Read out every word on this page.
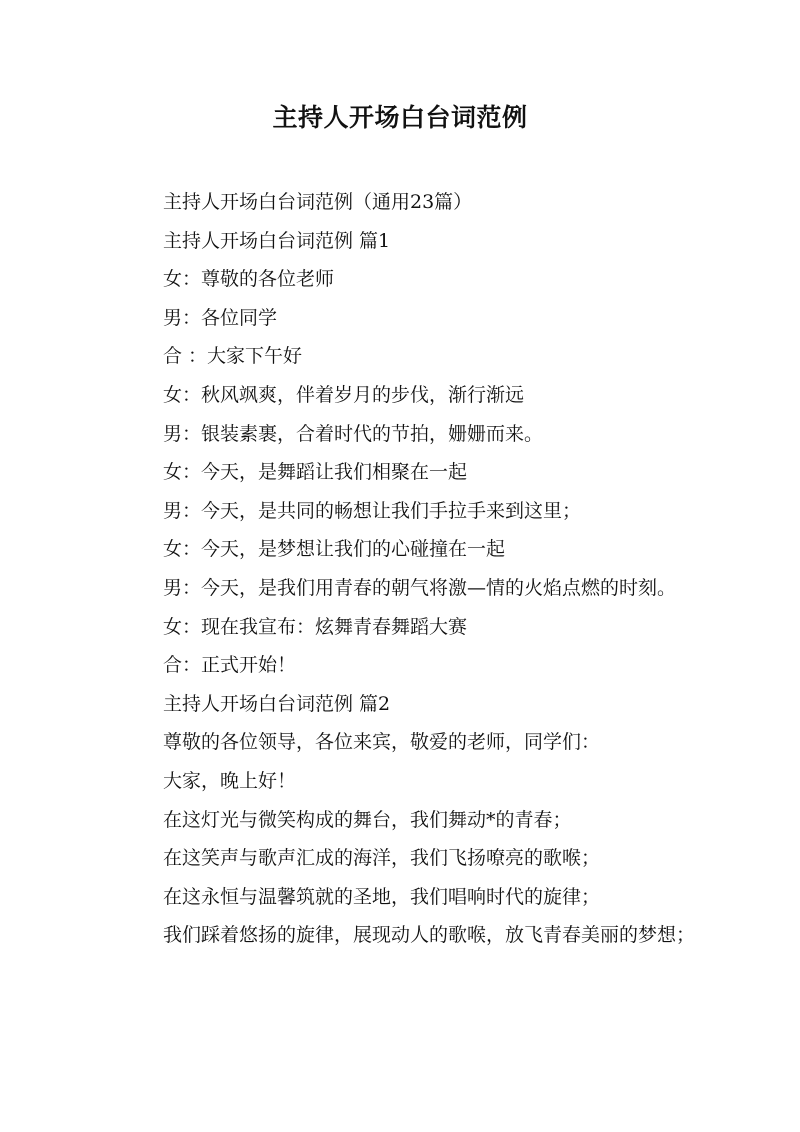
主持人开场白台词范例

主持人开场白台词范例（通用23篇）

主持人开场白台词范例 篇1

女：尊敬的各位老师

男：各位同学

合 ：大家下午好

女：秋风飒爽，伴着岁月的步伐，渐行渐远

男：银装素裹，合着时代的节拍，姗姗而来。

女：今天，是舞蹈让我们相聚在一起

男：今天，是共同的畅想让我们手拉手来到这里；

女：今天，是梦想让我们的心碰撞在一起

男：今天，是我们用青春的朝气将激—情的火焰点燃的时刻。

女：现在我宣布：炫舞青春舞蹈大赛

合：正式开始！

主持人开场白台词范例 篇2

尊敬的各位领导，各位来宾，敬爱的老师，同学们：

大家，晚上好！

在这灯光与微笑构成的舞台，我们舞动*的青春；

在这笑声与歌声汇成的海洋，我们飞扬嘹亮的歌喉；

在这永恒与温馨筑就的圣地，我们唱响时代的旋律；

我们踩着悠扬的旋律，展现动人的歌喉，放飞青春美丽的梦想；
